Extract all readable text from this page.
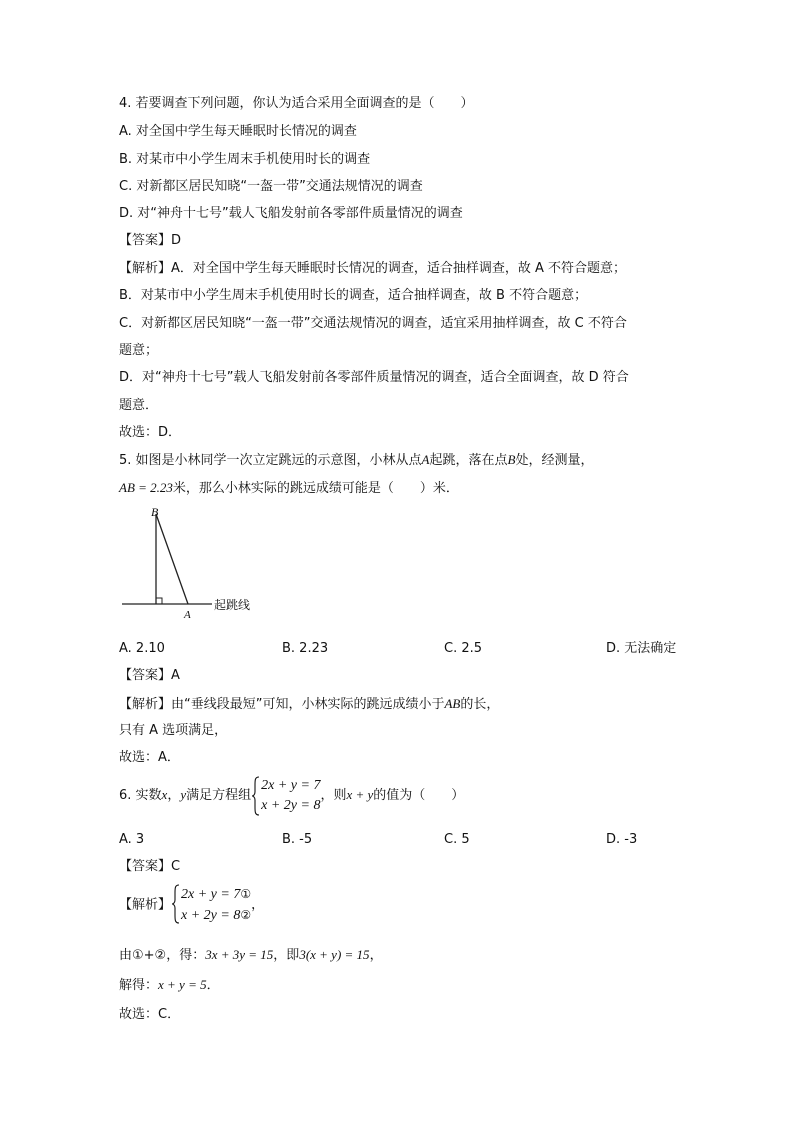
4. 若要调查下列问题，你认为适合采用全面调查的是（　　）
A. 对全国中学生每天睡眠时长情况的调查
B. 对某市中小学生周末手机使用时长的调查
C. 对新都区居民知晓“一盔一带”交通法规情况的调查
D. 对“神舟十七号”载人飞船发射前各零部件质量情况的调查
【答案】D
【解析】A．对全国中学生每天睡眠时长情况的调查，适合抽样调查，故 A 不符合题意；
B．对某市中小学生周末手机使用时长的调查，适合抽样调查，故 B 不符合题意；
C．对新都区居民知晓“一盔一带”交通法规情况的调查，适宜采用抽样调查，故 C 不符合
题意；
D．对“神舟十七号”载人飞船发射前各零部件质量情况的调查，适合全面调查，故 D 符合
题意．
故选：D．
5. 如图是小林同学一次立定跳远的示意图，小林从点A起跳，落在点B处，经测量，
AB = 2.23米，那么小林实际的跳远成绩可能是（　　）米．
B
A
起跳线
A. 2.10	B. 2.23	C. 2.5	D. 无法确定
【答案】A
【解析】由“垂线段最短”可知，小林实际的跳远成绩小于AB的长，
只有 A 选项满足，
故选：A．
6. 实数x，y满足方程组
2x + y = 7
x + 2y = 8
，则x + y的值为（　　）
A. 3	B. -5	C. 5	D. -3
【答案】C
【解析】
2x + y = 7①
x + 2y = 8②
，
由①+②，得：3x + 3y = 15，即3(x + y) = 15，
解得：x + y = 5．
故选：C．
